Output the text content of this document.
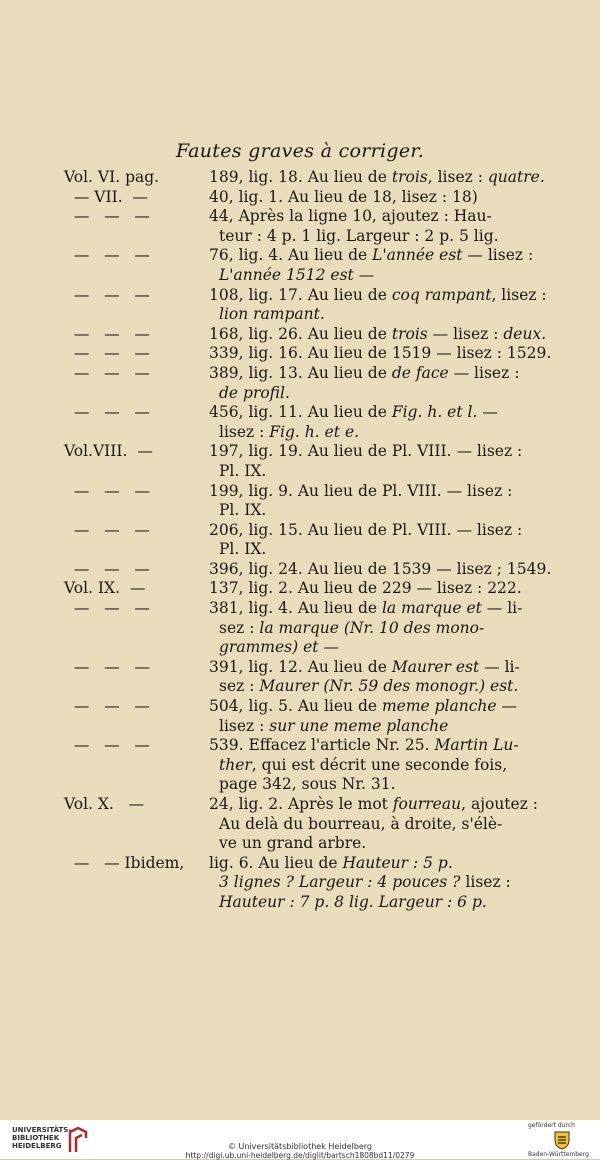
Fautes graves à corriger.
Vol. VI. pag.	189, lig. 18. Au lieu de trois, lisez : quatre.
— VII.  —	40, lig. 1. Au lieu de 18, lisez : 18)
—   —   —	44, Après la ligne 10, ajoutez : Hau-
teur : 4 p. 1 lig. Largeur : 2 p. 5 lig.
—   —   —	76, lig. 4. Au lieu de L'année est — lisez :
L'année 1512 est —
—   —   —	108, lig. 17. Au lieu de coq rampant, lisez :
lion rampant.
—   —   —	168, lig. 26. Au lieu de trois — lisez : deux.
—   —   —	339, lig. 16. Au lieu de 1519 — lisez : 1529.
—   —   —	389, lig. 13. Au lieu de de face — lisez :
de profil.
—   —   —	456, lig. 11. Au lieu de Fig. h. et l. —
lisez : Fig. h. et e.
Vol.VIII.  —	197, lig. 19. Au lieu de Pl. VIII. — lisez :
Pl. IX.
—   —   —	199, lig. 9. Au lieu de Pl. VIII. — lisez :
Pl. IX.
—   —   —	206, lig. 15. Au lieu de Pl. VIII. — lisez :
Pl. IX.
—   —   —	396, lig. 24. Au lieu de 1539 — lisez ; 1549.
Vol. IX.  —	137, lig. 2. Au lieu de 229 — lisez : 222.
—   —   —	381, lig. 4. Au lieu de la marque et — li-
sez : la marque (Nr. 10 des mono-
grammes) et —
—   —   —	391, lig. 12. Au lieu de Maurer est — li-
sez : Maurer (Nr. 59 des monogr.) est.
—   —   —	504, lig. 5. Au lieu de meme planche —
lisez : sur une meme planche
—   —   —	539. Effacez l'article Nr. 25. Martin Lu-
ther, qui est décrit une seconde fois,
page 342, sous Nr. 31.
Vol. X.   —	24, lig. 2. Après le mot fourreau, ajoutez :
Au delà du bourreau, à droite, s'élè-
ve un grand arbre.
—   — Ibidem,	lig. 6. Au lieu de Hauteur : 5 p.
3 lignes ? Largeur : 4 pouces ? lisez :
Hauteur : 7 p. 8 lig. Largeur : 6 p.
UNIVERSITÄTS-
BIBLIOTHEK
HEIDELBERG	© Universitätsbibliothek Heidelberg
http://digi.ub.uni-heidelberg.de/diglit/bartsch1808bd11/0279
gefördert durch
Baden-Württemberg
